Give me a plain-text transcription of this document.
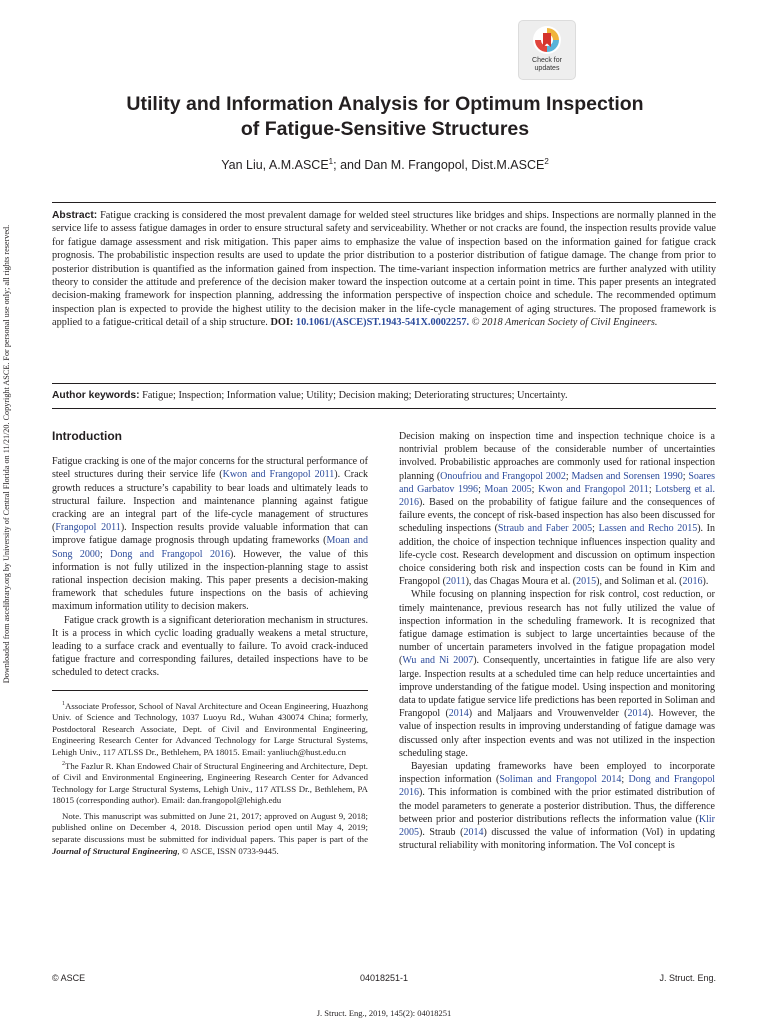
Check for
updates
Utility and Information Analysis for Optimum Inspection
of Fatigue-Sensitive Structures
Yan Liu, A.M.ASCE$^1$; and Dan M. Frangopol, Dist.M.ASCE$^2$
Abstract: Fatigue cracking is considered the most prevalent damage for welded steel structures like bridges and ships. Inspections are normally planned in the service life to assess fatigue damages in order to ensure structural safety and serviceability. Whether or not cracks are found, the inspection results provide value for fatigue damage assessment and risk mitigation. This paper aims to emphasize the value of inspection based on the information gained for fatigue crack prognosis. The probabilistic inspection results are used to update the prior distribution to a posterior distribution of fatigue damage. The change from prior to posterior distribution is quantified as the information gained from inspection. The time-variant inspection information metrics are further analyzed with utility theory to consider the attitude and preference of the decision maker toward the inspection outcome at a certain point in time. This paper presents an integrated decision-making framework for inspection planning, addressing the information perspective of inspection choice and schedule. The recommended optimum inspection plan is expected to provide the highest utility to the decision maker in the life-cycle management of aging structures. The proposed framework is applied to a fatigue-critical detail of a ship structure. DOI: 10.1061/(ASCE)ST.1943-541X.0002257. © 2018 American Society of Civil Engineers.
Author keywords: Fatigue; Inspection; Information value; Utility; Decision making; Deteriorating structures; Uncertainty.
Introduction

Fatigue cracking is one of the major concerns for the structural performance of steel structures during their service life (Kwon and Frangopol 2011). Crack growth reduces a structure’s capability to bear loads and ultimately leads to structural failure. Inspection and maintenance planning against fatigue cracking are an integral part of the life-cycle management of structures (Frangopol 2011). Inspection results provide valuable information that can improve fatigue damage prognosis through updating frameworks (Moan and Song 2000; Dong and Frangopol 2016). However, the value of this information is not fully utilized in the inspection-planning stage to assist rational inspection decision making. This paper presents a decision-making framework that schedules future inspections on the basis of achieving maximum information utility to decision makers.

Fatigue crack growth is a significant deterioration mechanism in structures. It is a process in which cyclic loading gradually weakens a metal structure, leading to a surface crack and eventually to failure. To avoid crack-induced fatigue fracture and corresponding failures, detailed inspections have to be scheduled to detect cracks.

$^1$Associate Professor, School of Naval Architecture and Ocean Engineering, Huazhong Univ. of Science and Technology, 1037 Luoyu Rd., Wuhan 430074 China; formerly, Postdoctoral Research Associate, Dept. of Civil and Environmental Engineering, Engineering Research Center for Advanced Technology for Large Structural Systems, Lehigh Univ., 117 ATLSS Dr., Bethlehem, PA 18015. Email: yanliuch@hust.edu.cn

$^2$The Fazlur R. Khan Endowed Chair of Structural Engineering and Architecture, Dept. of Civil and Environmental Engineering, Engineering Research Center for Advanced Technology for Large Structural Systems, Lehigh Univ., 117 ATLSS Dr., Bethlehem, PA 18015 (corresponding author). Email: dan.frangopol@lehigh.edu

Note. This manuscript was submitted on June 21, 2017; approved on August 9, 2018; published online on December 4, 2018. Discussion period open until May 4, 2019; separate discussions must be submitted for individual papers. This paper is part of the Journal of Structural Engineering, © ASCE, ISSN 0733-9445.

Decision making on inspection time and inspection technique choice is a nontrivial problem because of the considerable number of uncertainties involved. Probabilistic approaches are commonly used for rational inspection planning (Onoufriou and Frangopol 2002; Madsen and Sorensen 1990; Soares and Garbatov 1996; Moan 2005; Kwon and Frangopol 2011; Lotsberg et al. 2016). Based on the probability of fatigue failure and the consequences of failure events, the concept of risk-based inspection has also been discussed for scheduling inspections (Straub and Faber 2005; Lassen and Recho 2015). In addition, the choice of inspection technique influences inspection quality and life-cycle cost. Research development and discussion on optimum inspection choice considering both risk and inspection costs can be found in Kim and Frangopol (2011), das Chagas Moura et al. (2015), and Soliman et al. (2016).

While focusing on planning inspection for risk control, cost reduction, or timely maintenance, previous research has not fully utilized the value of inspection information in the scheduling framework. It is recognized that fatigue damage estimation is subject to large uncertainties because of the number of uncertain parameters involved in the fatigue propagation model (Wu and Ni 2007). Consequently, uncertainties in fatigue life are also very large. Inspection results at a scheduled time can help reduce uncertainties and improve understanding of the fatigue model. Using inspection and monitoring data to update fatigue service life predictions has been reported in Soliman and Frangopol (2014) and Maljaars and Vrouwenvelder (2014). However, the value of inspection results in improving understanding of fatigue damage was discussed only after inspection events and was not utilized in the inspection scheduling stage.

Bayesian updating frameworks have been employed to incorporate inspection information (Soliman and Frangopol 2014; Dong and Frangopol 2016). This information is combined with the prior estimated distribution of the model parameters to generate a posterior distribution. Thus, the difference between prior and posterior distributions reflects the information value (Klir 2005). Straub (2014) discussed the value of information (VoI) in updating structural reliability with monitoring information. The VoI concept is

Downloaded from ascelibrary.org by University of Central Florida on 11/21/20. Copyright ASCE. For personal use only; all rights reserved.
© ASCE	04018251-1	J. Struct. Eng.
J. Struct. Eng., 2019, 145(2): 04018251
